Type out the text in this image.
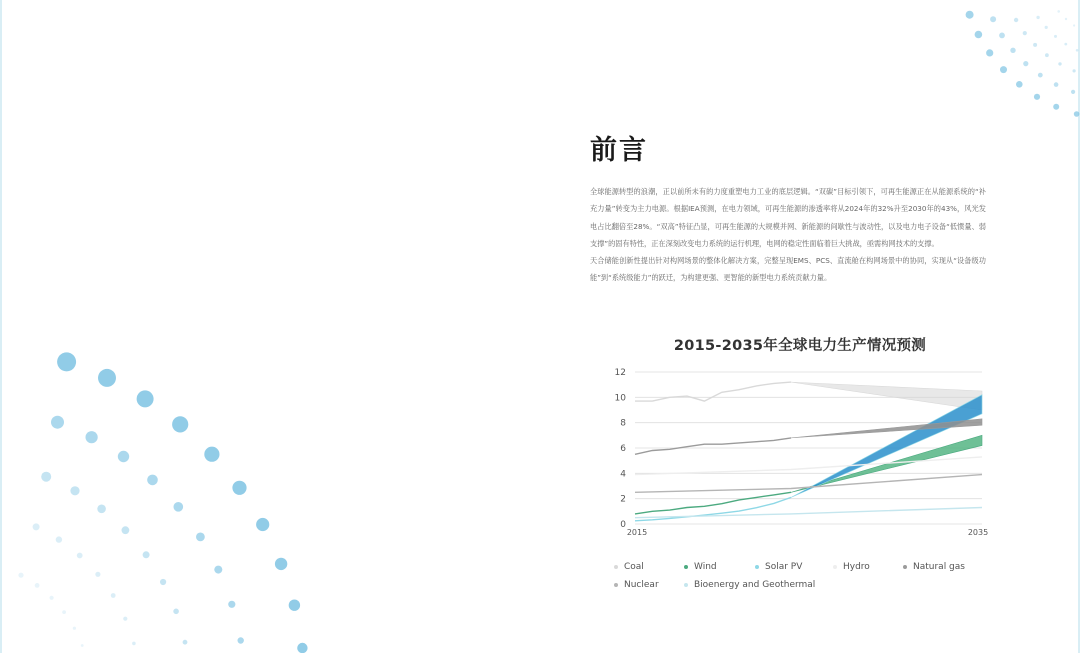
前言

全球能源转型的浪潮，正以前所未有的力度重塑电力工业的底层逻辑。“双碳”目标引领下，可再生能源正在从能源系统的“补充力量”转变为主力电源。根据IEA预测，在电力领域，可再生能源的渗透率将从2024年的32%升至2030年的43%，风光发电占比翻倍至28%。“双高”特征凸显，可再生能源的大规模并网、新能源的间歇性与波动性，以及电力电子设备“低惯量、弱支撑”的固有特性，正在深刻改变电力系统的运行机理，电网的稳定性面临着巨大挑战，亟需构网技术的支撑。

天合储能创新性提出针对构网场景的整体化解决方案，完整呈现EMS、PCS、直流舱在构网场景中的协同，实现从“设备级功能”到“系统级能力”的跃迁，为构建更强、更智能的新型电力系统贡献力量。

2015-2035年全球电力生产情况预测
12
10
8
6
4
2
0
2015	2035
Coal	Wind	Solar PV	Hydro	Natural gas
Nuclear	Bioenergy and Geothermal
